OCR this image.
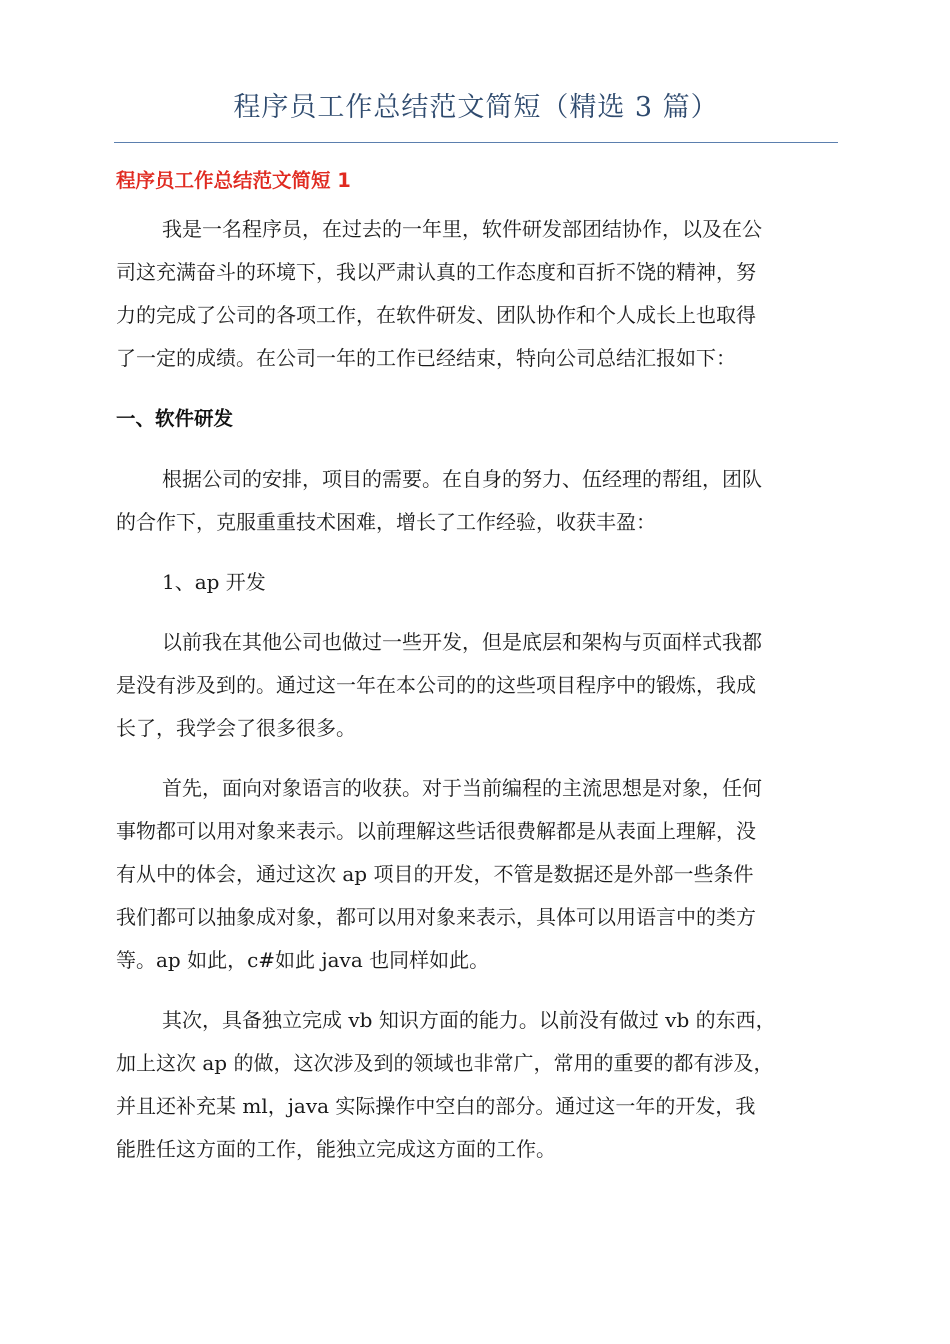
程序员工作总结范文简短（精选 3 篇）
程序员工作总结范文简短 1
我是一名程序员，在过去的一年里，软件研发部团结协作，以及在公
司这充满奋斗的环境下，我以严肃认真的工作态度和百折不饶的精神，努
力的完成了公司的各项工作，在软件研发、团队协作和个人成长上也取得
了一定的成绩。在公司一年的工作已经结束，特向公司总结汇报如下：
一、软件研发
根据公司的安排，项目的需要。在自身的努力、伍经理的帮组，团队
的合作下，克服重重技术困难，增长了工作经验，收获丰盈：
1、ap 开发
以前我在其他公司也做过一些开发，但是底层和架构与页面样式我都
是没有涉及到的。通过这一年在本公司的的这些项目程序中的锻炼，我成
长了，我学会了很多很多。
首先，面向对象语言的收获。对于当前编程的主流思想是对象，任何
事物都可以用对象来表示。以前理解这些话很费解都是从表面上理解，没
有从中的体会，通过这次 ap 项目的开发，不管是数据还是外部一些条件
我们都可以抽象成对象，都可以用对象来表示，具体可以用语言中的类方
等。ap 如此，c#如此 java 也同样如此。
其次，具备独立完成 vb 知识方面的能力。以前没有做过 vb 的东西，
加上这次 ap 的做，这次涉及到的领域也非常广，常用的重要的都有涉及，
并且还补充某 ml，java 实际操作中空白的部分。通过这一年的开发，我
能胜任这方面的工作，能独立完成这方面的工作。
